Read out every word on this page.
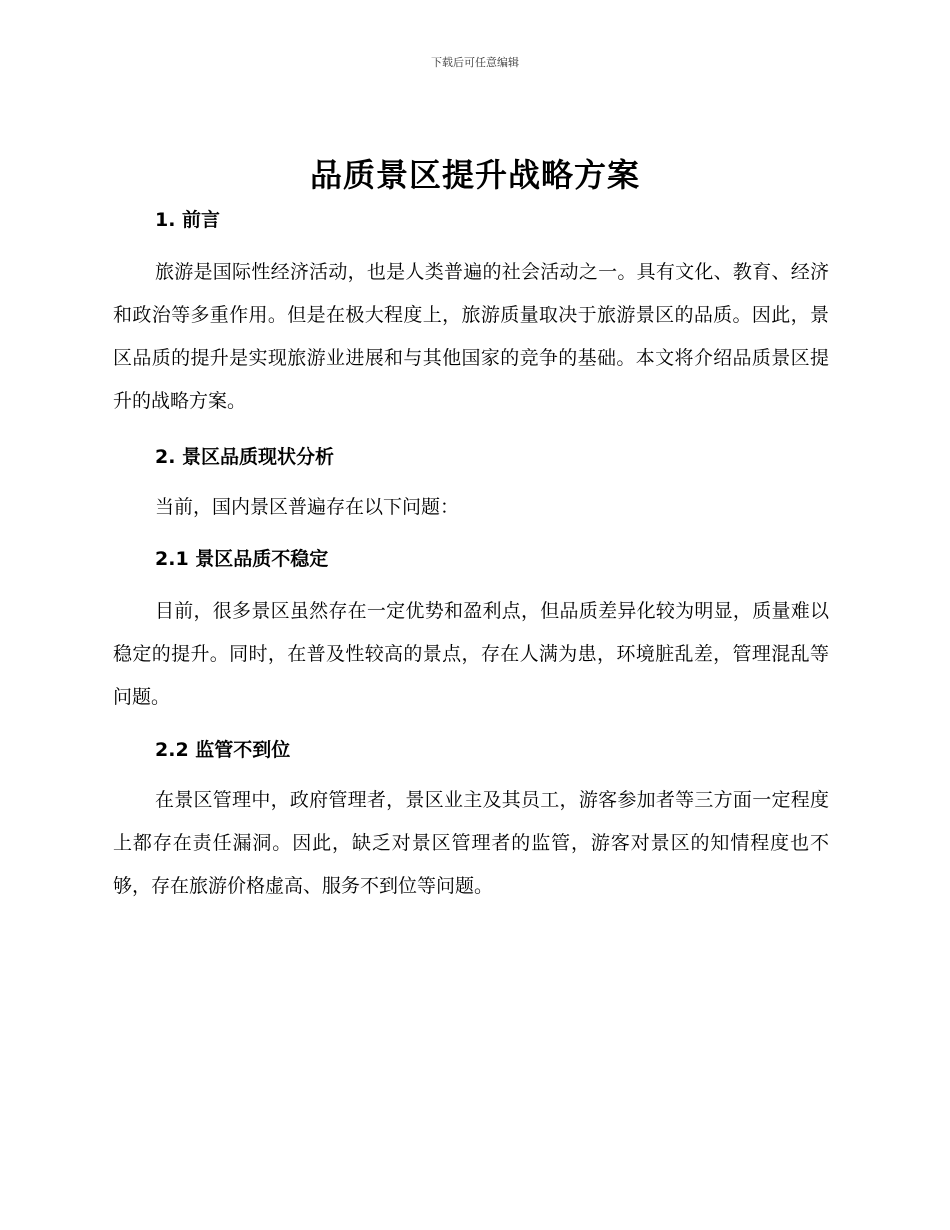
下载后可任意编辑
品质景区提升战略方案
1. 前言

旅游是国际性经济活动，也是人类普遍的社会活动之一。具有文化、教育、经济和政治等多重作用。但是在极大程度上，旅游质量取决于旅游景区的品质。因此，景区品质的提升是实现旅游业进展和与其他国家的竞争的基础。本文将介绍品质景区提升的战略方案。

2. 景区品质现状分析

当前，国内景区普遍存在以下问题：

2.1 景区品质不稳定

目前，很多景区虽然存在一定优势和盈利点，但品质差异化较为明显，质量难以稳定的提升。同时，在普及性较高的景点，存在人满为患，环境脏乱差，管理混乱等问题。

2.2 监管不到位

在景区管理中，政府管理者，景区业主及其员工，游客参加者等三方面一定程度上都存在责任漏洞。因此，缺乏对景区管理者的监管，游客对景区的知情程度也不够，存在旅游价格虚高、服务不到位等问题。
